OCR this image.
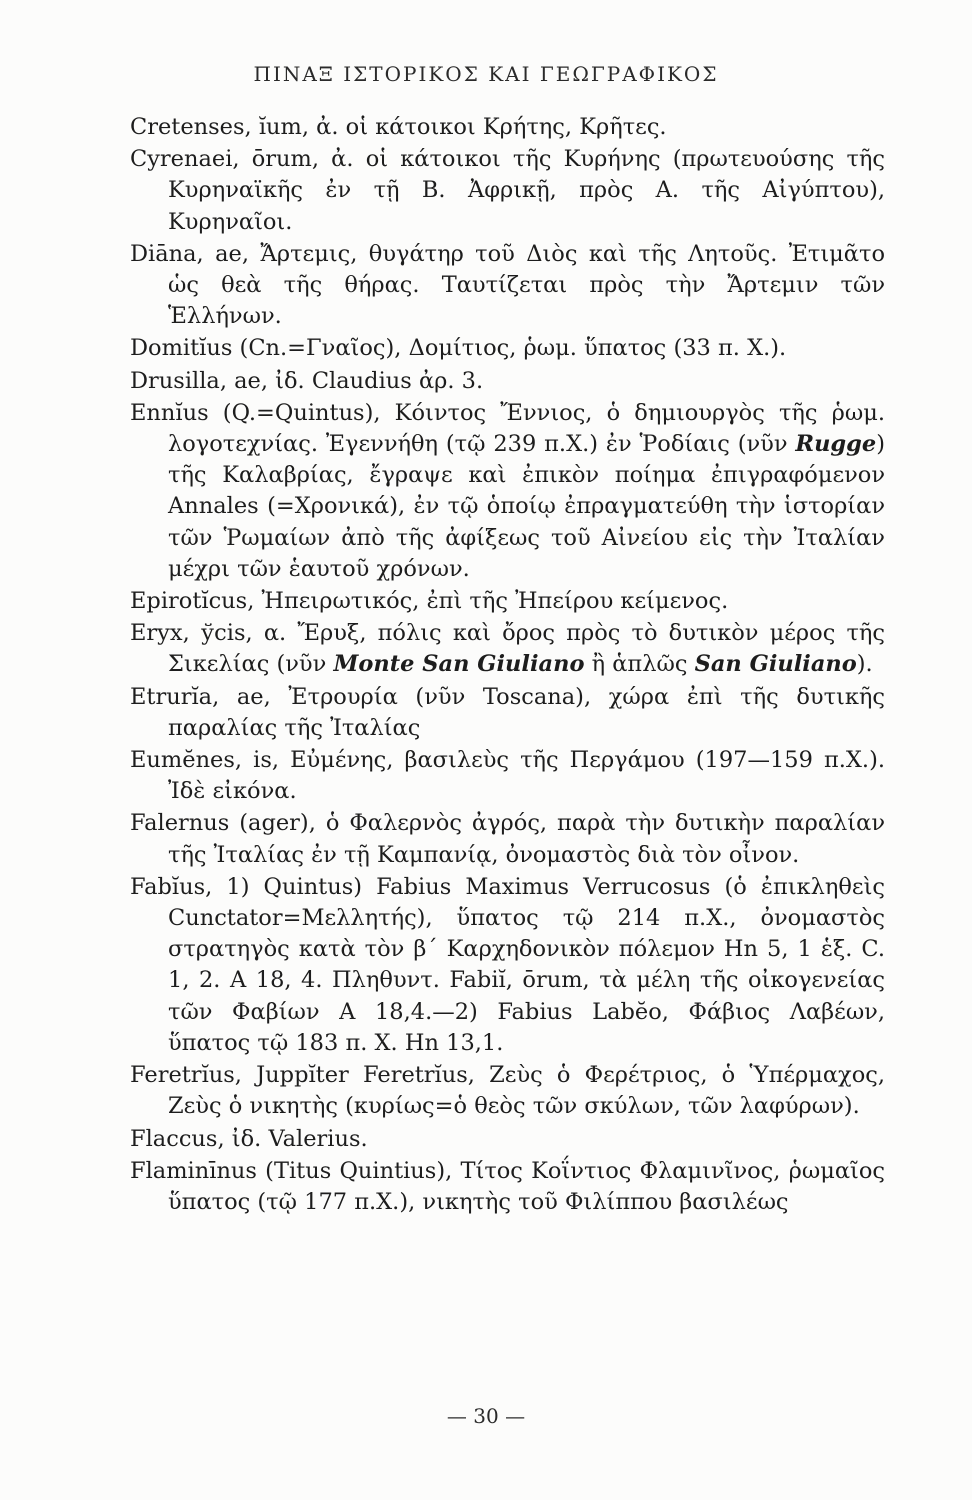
ΠΙΝΑΞ ΙΣΤΟΡΙΚΟΣ ΚΑΙ ΓΕΩΓΡΑΦΙΚΟΣ

Cretenses, ĭum, ἀ. οἱ κάτοικοι Κρήτης, Κρῆτες.

Cyrenaei, ōrum, ἀ. οἱ κάτοικοι τῆς Κυρήνης (πρωτευούσης τῆς Κυρηναϊκῆς ἐν τῇ Β. Ἀφρικῇ, πρὸς Α. τῆς Αἰγύπτου), Κυρηναῖοι.

Diāna, ae, Ἄρτεμις, θυγάτηρ τοῦ Διὸς καὶ τῆς Λητοῦς. Ἐτιμᾶτο ὡς θεὰ τῆς θήρας. Ταυτίζεται πρὸς τὴν Ἄρτεμιν τῶν Ἑλλήνων.

Domitĭus (Cn.=Γναῖος), Δομίτιος, ῥωμ. ὕπατος (33 π. Χ.).

Drusilla, ae, ἰδ. Claudius ἀρ. 3.

Ennĭus (Q.=Quintus), Κόιντος Ἔννιος, ὁ δημιουργὸς τῆς ῥωμ. λογοτεχνίας. Ἐγεννήθη (τῷ 239 π.Χ.) ἐν Ῥοδίαις (νῦν Rugge) τῆς Καλαβρίας, ἔγραψε καὶ ἐπικὸν ποίημα ἐπιγραφόμενον Annales (=Χρονικά), ἐν τῷ ὁποίῳ ἐπραγματεύθη τὴν ἱστορίαν τῶν Ῥωμαίων ἀπὸ τῆς ἀφίξεως τοῦ Αἰνείου εἰς τὴν Ἰταλίαν μέχρι τῶν ἑαυτοῦ χρόνων.

Epirotĭcus, Ἠπειρωτικός, ἐπὶ τῆς Ἠπείρου κείμενος.

Eryx, ўcis, α. Ἔρυξ, πόλις καὶ ὄρος πρὸς τὸ δυτικὸν μέρος τῆς Σικελίας (νῦν Monte San Giuliano ἢ ἁπλῶς San Giuliano).

Etrurĭa, ae, Ἐτρουρία (νῦν Toscana), χώρα ἐπὶ τῆς δυτικῆς παραλίας τῆς Ἰταλίας

Eumĕnes, is, Εὐμένης, βασιλεὺς τῆς Περγάμου (197—159 π.Χ.). Ἰδὲ εἰκόνα.

Falernus (ager), ὁ Φαλερνὸς ἀγρός, παρὰ τὴν δυτικὴν παραλίαν τῆς Ἰταλίας ἐν τῇ Καμπανίᾳ, ὀνομαστὸς διὰ τὸν οἶνον.

Fabĭus, 1) Quintus) Fabius Maximus Verrucosus (ὁ ἐπικληθεὶς Cunctator=Μελλητής), ὕπατος τῷ 214 π.Χ., ὀνομαστὸς στρατηγὸς κατὰ τὸν β΄ Καρχηδονικὸν πόλεμον Hn 5, 1 ἑξ. C. 1, 2. A 18, 4. Πληθυντ. Fabiĭ, ōrum, τὰ μέλη τῆς οἰκογενείας τῶν Φαβίων A 18,4.—2) Fabius Labĕo, Φάβιος Λαβέων, ὕπατος τῷ 183 π. Χ. Hn 13,1.

Feretrĭus, Juppĭter Feretrĭus, Ζεὺς ὁ Φερέτριος, ὁ Ὑπέρμαχος, Ζεὺς ὁ νικητὴς (κυρίως=ὁ θεὸς τῶν σκύλων, τῶν λαφύρων).

Flaccus, ἰδ. Valerius.

Flaminīnus (Titus Quintius), Τίτος Κοΐντιος Φλαμινῖνος, ῥωμαῖος ὕπατος (τῷ 177 π.Χ.), νικητὴς τοῦ Φιλίππου βασιλέως

— 30 —
